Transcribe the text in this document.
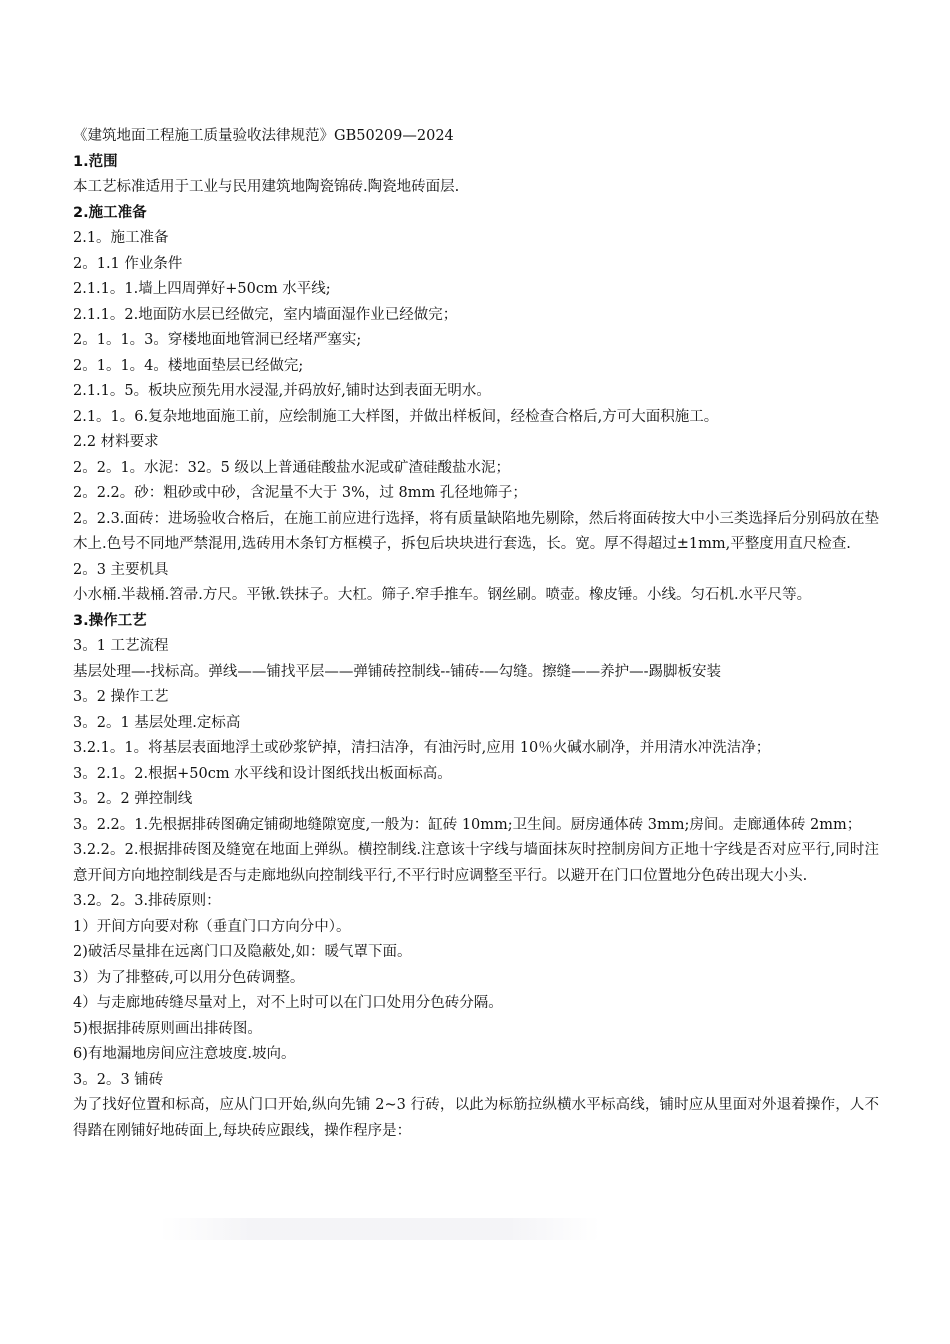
《建筑地面工程施工质量验收法律规范》GB50209—2024

1.范围

本工艺标准适用于工业与民用建筑地陶瓷锦砖.陶瓷地砖面层.

2.施工准备

2.1。施工准备

2。1.1 作业条件

2.1.1。1.墙上四周弹好+50cm 水平线;

2.1.1。2.地面防水层已经做完，室内墙面湿作业已经做完；

2。1。1。3。穿楼地面地管洞已经堵严塞实;

2。1。1。4。楼地面垫层已经做完;

2.1.1。5。板块应预先用水浸湿,并码放好,铺时达到表面无明水。

2.1。1。6.复杂地地面施工前，应绘制施工大样图，并做出样板间，经检查合格后,方可大面积施工。

2.2 材料要求

2。2。1。水泥：32。5 级以上普通硅酸盐水泥或矿渣硅酸盐水泥；

2。2.2。砂：粗砂或中砂，含泥量不大于 3%，过 8mm 孔径地筛子；

2。2.3.面砖：进场验收合格后，在施工前应进行选择，将有质量缺陷地先剔除，然后将面砖按大中小三类选择后分别码放在垫木上.色号不同地严禁混用,选砖用木条钉方框模子，拆包后块块进行套选，长。宽。厚不得超过±1mm,平整度用直尺检查.

2。3 主要机具

小水桶.半裁桶.笤帚.方尺。平锹.铁抹子。大杠。筛子.窄手推车。钢丝刷。喷壶。橡皮锤。小线。匀石机.水平尺等。

3.操作工艺

3。1 工艺流程

基层处理—-找标高。弹线——铺找平层——弹铺砖控制线--铺砖-—勾缝。擦缝——养护—-踢脚板安装

3。2 操作工艺

3。2。1 基层处理.定标高

3.2.1。1。将基层表面地浮土或砂浆铲掉，清扫洁净，有油污时,应用 10％火碱水刷净，并用清水冲洗洁净；

3。2.1。2.根据+50cm 水平线和设计图纸找出板面标高。

3。2。2 弹控制线

3。2.2。1.先根据排砖图确定铺砌地缝隙宽度,一般为：缸砖 10mm;卫生间。厨房通体砖 3mm;房间。走廊通体砖 2mm；

3.2.2。2.根据排砖图及缝宽在地面上弹纵。横控制线.注意该十字线与墙面抹灰时控制房间方正地十字线是否对应平行,同时注意开间方向地控制线是否与走廊地纵向控制线平行,不平行时应调整至平行。以避开在门口位置地分色砖出现大小头.

3.2。2。3.排砖原则：

1）开间方向要对称（垂直门口方向分中）。

2)破活尽量排在远离门口及隐蔽处,如：暖气罩下面。

3）为了排整砖,可以用分色砖调整。

4）与走廊地砖缝尽量对上，对不上时可以在门口处用分色砖分隔。

5)根据排砖原则画出排砖图。

6)有地漏地房间应注意坡度.坡向。

3。2。3 铺砖

为了找好位置和标高，应从门口开始,纵向先铺 2~3 行砖，以此为标筋拉纵横水平标高线，铺时应从里面对外退着操作，人不得踏在刚铺好地砖面上,每块砖应跟线，操作程序是：
